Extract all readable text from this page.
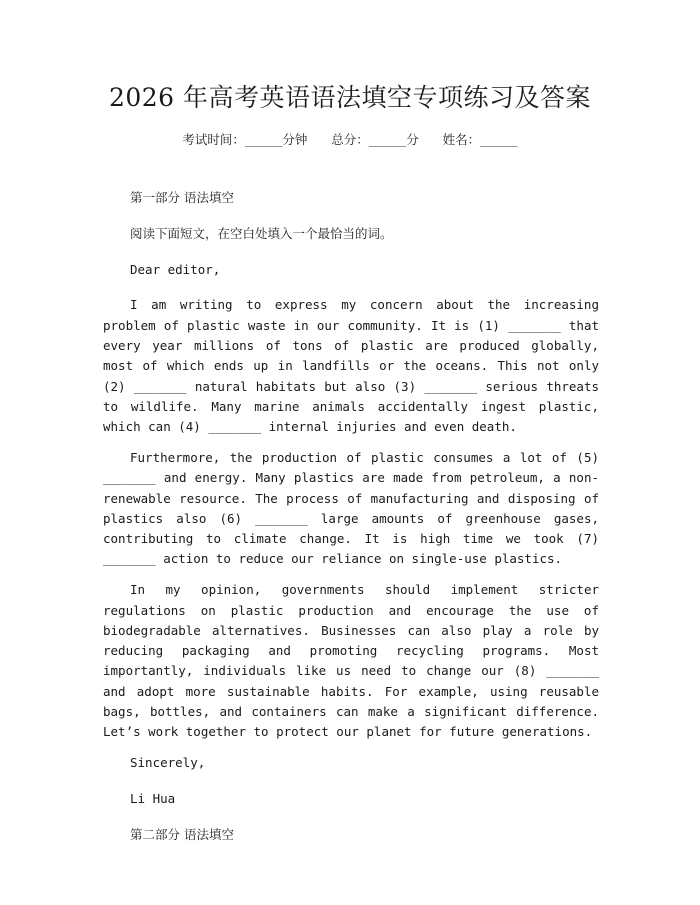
2026 年高考英语语法填空专项练习及答案
考试时间：______分钟      总分：______分      姓名：______
第一部分 语法填空
阅读下面短文，在空白处填入一个最恰当的词。
Dear editor,

I am writing to express my concern about the increasing problem of plastic waste in our community. It is (1) _______ that every year millions of tons of plastic are produced globally, most of which ends up in landfills or the oceans. This not only (2) _______ natural habitats but also (3) _______ serious threats to wildlife. Many marine animals accidentally ingest plastic, which can (4) _______ internal injuries and even death.

Furthermore, the production of plastic consumes a lot of (5) _______ and energy. Many plastics are made from petroleum, a non-renewable resource. The process of manufacturing and disposing of plastics also (6) _______ large amounts of greenhouse gases, contributing to climate change. It is high time we took (7) _______ action to reduce our reliance on single-use plastics.

In my opinion, governments should implement stricter regulations on plastic production and encourage the use of biodegradable alternatives. Businesses can also play a role by reducing packaging and promoting recycling programs. Most importantly, individuals like us need to change our (8) _______ and adopt more sustainable habits. For example, using reusable bags, bottles, and containers can make a significant difference. Let’s work together to protect our planet for future generations.

Sincerely,
Li Hua
第二部分 语法填空
